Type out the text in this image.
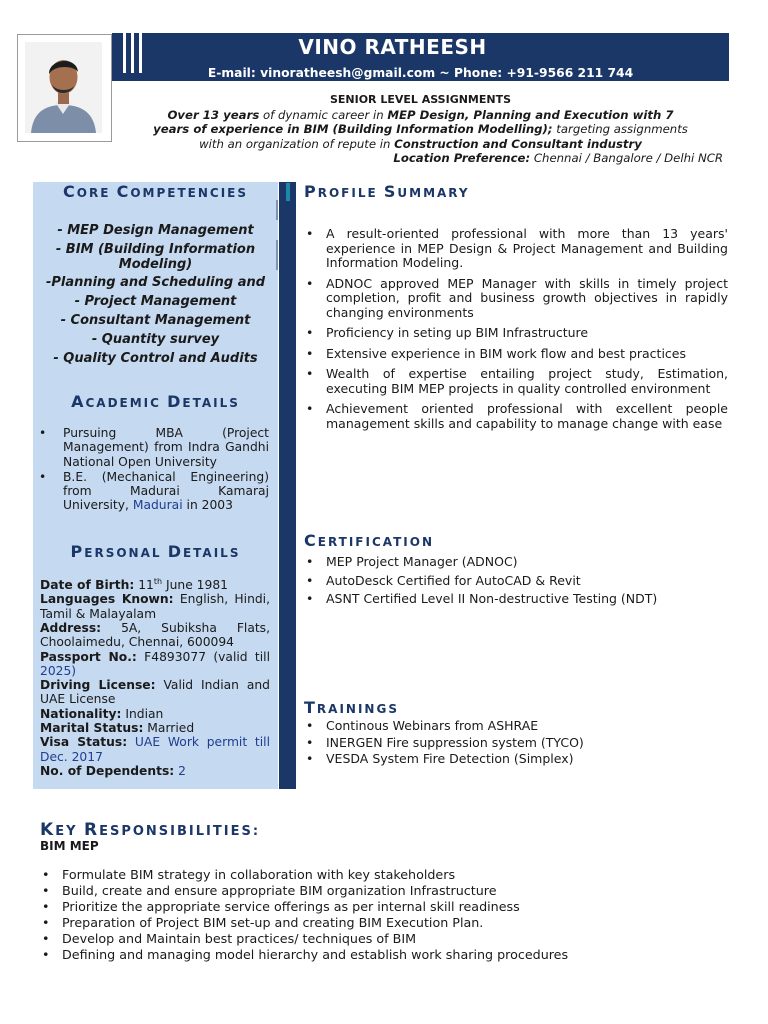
VINO RATHEESH
E-mail: vinoratheesh@gmail.com ~ Phone: +91-9566 211 744
SENIOR LEVEL ASSIGNMENTS
Over 13 years of dynamic career in MEP Design, Planning and Execution with 7
years of experience in BIM (Building Information Modelling); targeting assignments
with an organization of repute in Construction and Consultant industry
Location Preference: Chennai / Bangalore / Delhi NCR
CORE COMPETENCIES
- MEP Design Management
- BIM (Building Information Modeling)
-Planning and Scheduling and
- Project Management
- Consultant Management
- Quantity survey
- Quality Control and Audits
ACADEMIC DETAILS
• Pursuing MBA (Project Management) from Indra Gandhi National Open University
• B.E. (Mechanical Engineering) from Madurai Kamaraj University, Madurai in 2003
PERSONAL DETAILS
Date of Birth: 11th June 1981
Languages Known: English, Hindi, Tamil & Malayalam
Address: 5A, Subiksha Flats, Choolaimedu, Chennai, 600094
Passport No.: F4893077 (valid till 2025)
Driving License: Valid Indian and UAE License
Nationality: Indian
Marital Status: Married
Visa Status: UAE Work permit till Dec. 2017
No. of Dependents: 2
PROFILE SUMMARY
• A result-oriented professional with more than 13 years' experience in MEP Design & Project Management and Building Information Modeling.
• ADNOC approved MEP Manager with skills in timely project completion, profit and business growth objectives in rapidly changing environments
• Proficiency in seting up BIM Infrastructure
• Extensive experience in BIM work flow and best practices
• Wealth of expertise entailing project study, Estimation, executing BIM MEP projects in quality controlled environment
• Achievement oriented professional with excellent people management skills and capability to manage change with ease
CERTIFICATION
• MEP Project Manager (ADNOC)
• AutoDesck Certified for AutoCAD & Revit
• ASNT Certified Level II Non-destructive Testing (NDT)
TRAININGS
• Continous Webinars from ASHRAE
• INERGEN Fire suppression system (TYCO)
• VESDA System Fire Detection (Simplex)
KEY RESPONSIBILITIES:
BIM MEP
• Formulate BIM strategy in collaboration with key stakeholders
• Build, create and ensure appropriate BIM organization Infrastructure
• Prioritize the appropriate service offerings as per internal skill readiness
• Preparation of Project BIM set-up and creating BIM Execution Plan.
• Develop and Maintain best practices/ techniques of BIM
• Defining and managing model hierarchy and establish work sharing procedures
